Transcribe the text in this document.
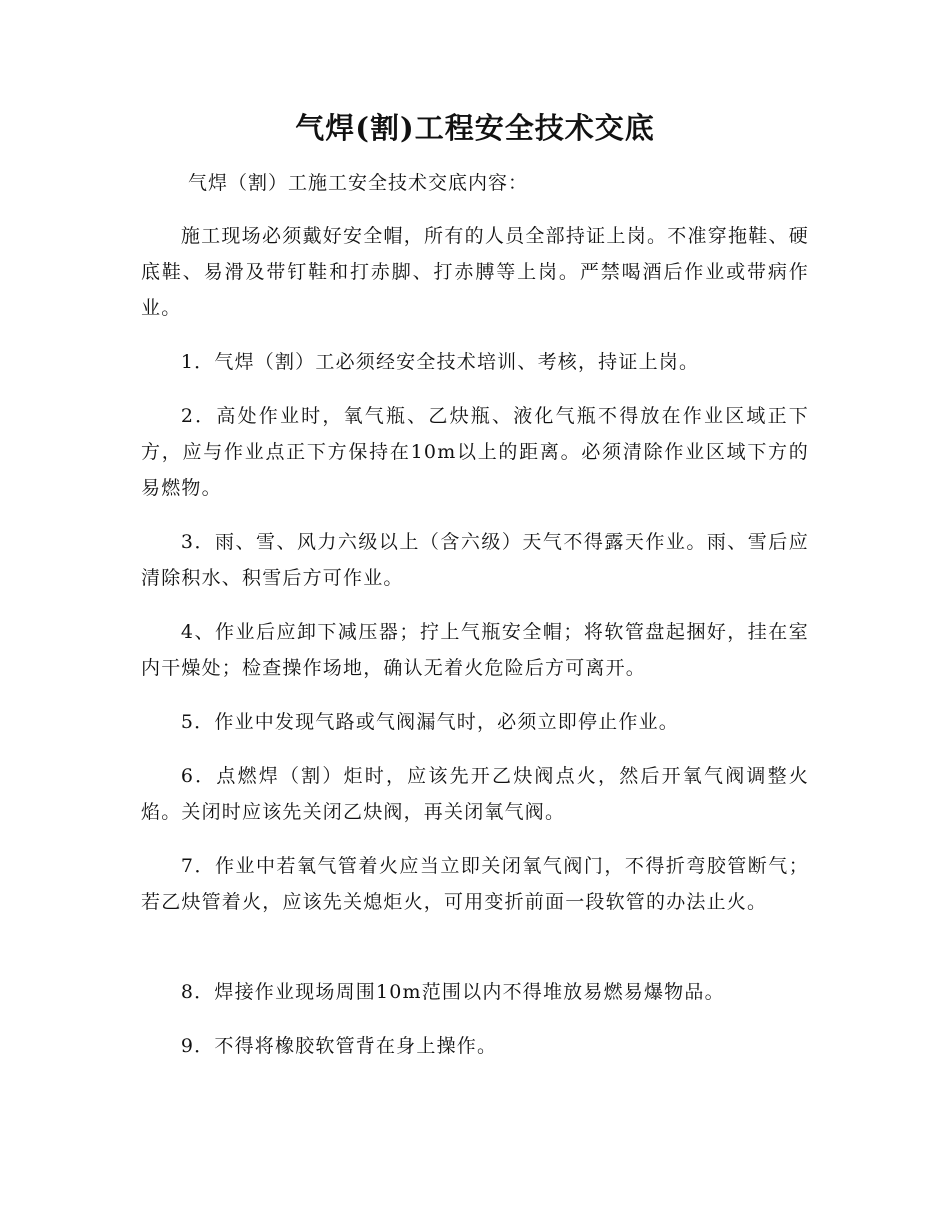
气焊(割)工程安全技术交底
气焊（割）工施工安全技术交底内容：

施工现场必须戴好安全帽，所有的人员全部持证上岗。不准穿拖鞋、硬底鞋、易滑及带钉鞋和打赤脚、打赤膊等上岗。严禁喝酒后作业或带病作业。

1．气焊（割）工必须经安全技术培训、考核，持证上岗。

2．高处作业时，氧气瓶、乙炔瓶、液化气瓶不得放在作业区域正下方，应与作业点正下方保持在10m以上的距离。必须清除作业区域下方的易燃物。

3．雨、雪、风力六级以上（含六级）天气不得露天作业。雨、雪后应清除积水、积雪后方可作业。

4、作业后应卸下减压器；拧上气瓶安全帽；将软管盘起捆好，挂在室内干燥处；检查操作场地，确认无着火危险后方可离开。

5．作业中发现气路或气阀漏气时，必须立即停止作业。

6．点燃焊（割）炬时，应该先开乙炔阀点火，然后开氧气阀调整火焰。关闭时应该先关闭乙炔阀，再关闭氧气阀。

7．作业中若氧气管着火应当立即关闭氧气阀门，不得折弯胶管断气；若乙炔管着火，应该先关熄炬火，可用变折前面一段软管的办法止火。

8．焊接作业现场周围10m范围以内不得堆放易燃易爆物品。

9．不得将橡胶软管背在身上操作。
